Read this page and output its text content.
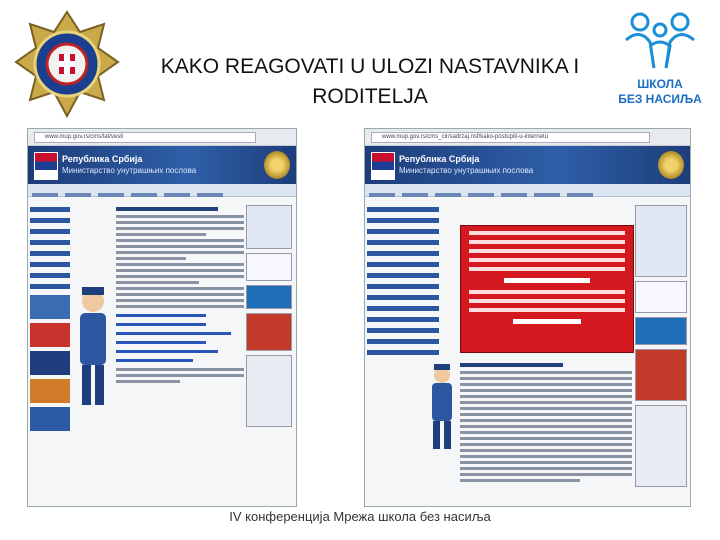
KAKO REAGOVATI U ULOZI NASTAVNIKA I RODITELJA
ШКОЛА
БЕЗ НАСИЉА
www.mup.gov.rs/cms/lat/vesti
Република Србија
Министарство унутрашњих послова
www.mup.gov.rs/cms_cir/sadrzaj.nsf/kako-postupiti-u-internetu
Република Србија
Министарство унутрашњих послова
IV конференција Мрежа школа без насиља
